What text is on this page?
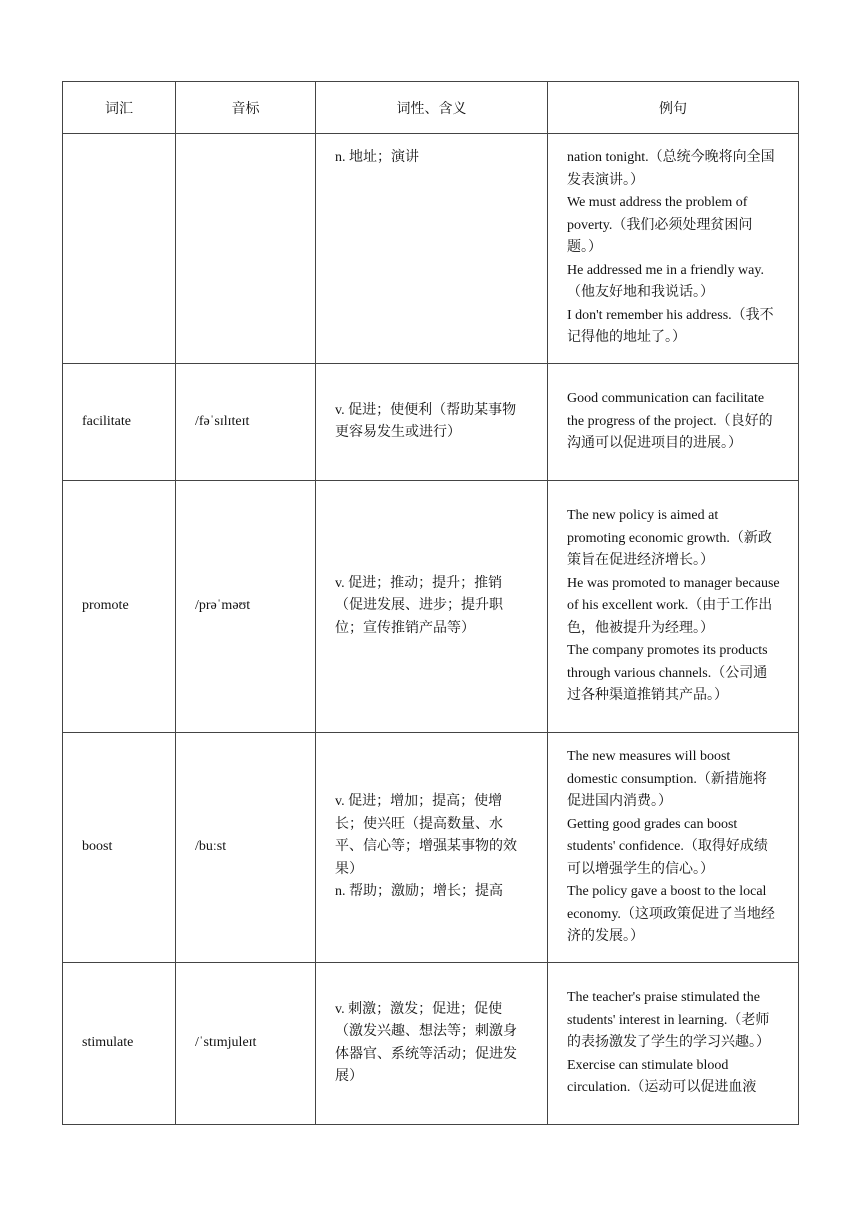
词汇	音标	词性、含义	例句

		n. 地址；演讲	nation tonight.（总统今晚将向全国发表演讲。）
We must address the problem of poverty.（我们必须处理贫困问题。）
He addressed me in a friendly way.（他友好地和我说话。）
I don't remember his address.（我不记得他的地址了。）

facilitate	/fəˈsɪlɪteɪt	v. 促进；使便利（帮助某事物更容易发生或进行）	Good communication can facilitate the progress of the project.（良好的沟通可以促进项目的进展。）

promote	/prəˈməʊt	v. 促进；推动；提升；推销（促进发展、进步；提升职位；宣传推销产品等）	The new policy is aimed at promoting economic growth.（新政策旨在促进经济增长。）
He was promoted to manager because of his excellent work.（由于工作出色，他被提升为经理。）
The company promotes its products through various channels.（公司通过各种渠道推销其产品。）

boost	/buːst	v. 促进；增加；提高；使增长；使兴旺（提高数量、水平、信心等；增强某事物的效果）
n. 帮助；激励；增长；提高	The new measures will boost domestic consumption.（新措施将促进国内消费。）
Getting good grades can boost students' confidence.（取得好成绩可以增强学生的信心。）
The policy gave a boost to the local economy.（这项政策促进了当地经济的发展。）

stimulate	/ˈstɪmjuleɪt	v. 刺激；激发；促进；促使（激发兴趣、想法等；刺激身体器官、系统等活动；促进发展）	The teacher's praise stimulated the students' interest in learning.（老师的表扬激发了学生的学习兴趣。）
Exercise can stimulate blood circulation.（运动可以促进血液
